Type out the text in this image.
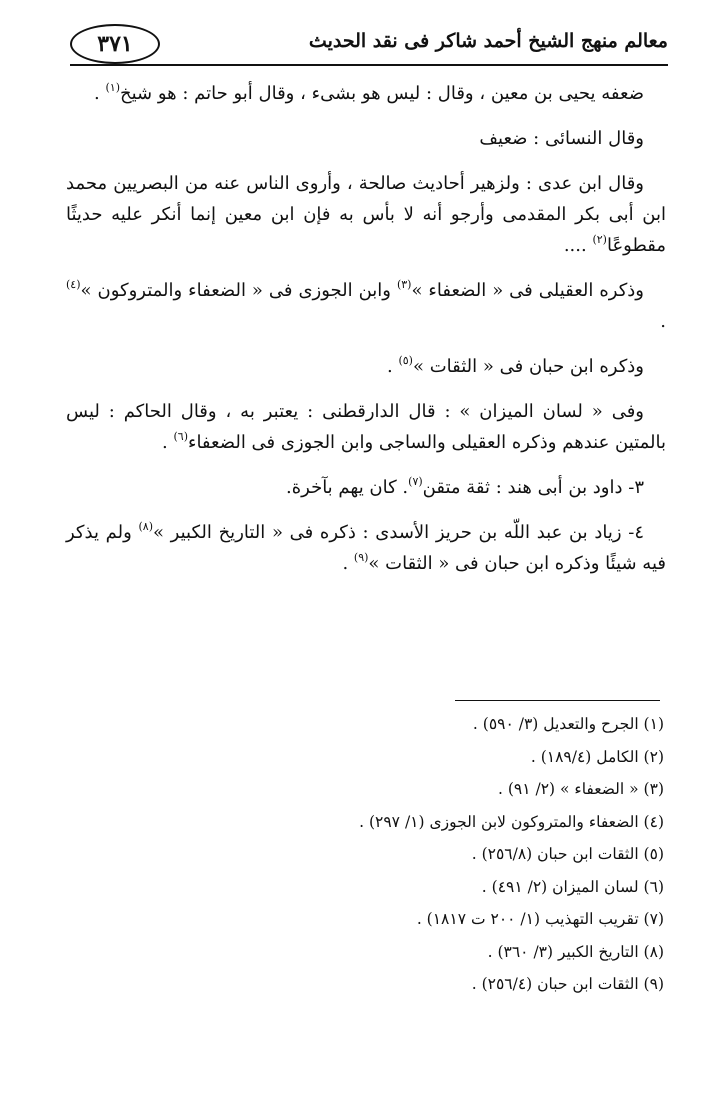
٣٧١	معالم منهج الشيخ أحمد شاكر فى نقد الحديث

ضعفه يحيى بن معين ، وقال : ليس هو بشىء ، وقال أبو حاتم : هو شيخ$^{(١)}$ .

وقال النسائى : ضعيف

وقال ابن عدى : ولزهير أحاديث صالحة ، وأروى الناس عنه من البصريين محمد ابن أبى بكر المقدمى وأرجو أنه لا بأس به فإن ابن معين إنما أنكر عليه حديثًا مقطوعًا$^{(٢)}$ ....

وذكره العقيلى فى « الضعفاء »$^{(٣)}$ وابن الجوزى فى « الضعفاء والمتروكون »$^{(٤)}$ .

وذكره ابن حبان فى « الثقات »$^{(٥)}$ .

وفى « لسان الميزان » : قال الدارقطنى : يعتبر به ، وقال الحاكم : ليس بالمتين عندهم وذكره العقيلى والساجى وابن الجوزى فى الضعفاء$^{(٦)}$ .

٣- داود بن أبى هند : ثقة متقن$^{(٧)}$. كان يهم بآخرة.

٤- زياد بن عبد اللّه بن حريز الأسدى : ذكره فى « التاريخ الكبير »$^{(٨)}$ ولم يذكر فيه شيئًا وذكره ابن حبان فى « الثقات »$^{(٩)}$ .

(١) الجرح والتعديل (٣/ ٥٩٠) .
(٢) الكامل (١٨٩/٤) .
(٣) « الضعفاء » (٢/ ٩١) .
(٤) الضعفاء والمتروكون لابن الجوزى (١/ ٢٩٧) .
(٥) الثقات ابن حبان (٢٥٦/٨) .
(٦) لسان الميزان (٢/ ٤٩١) .
(٧) تقريب التهذيب (١/ ٢٠٠ ت ١٨١٧) .
(٨) التاريخ الكبير (٣/ ٣٦٠) .
(٩) الثقات ابن حبان (٢٥٦/٤) .
